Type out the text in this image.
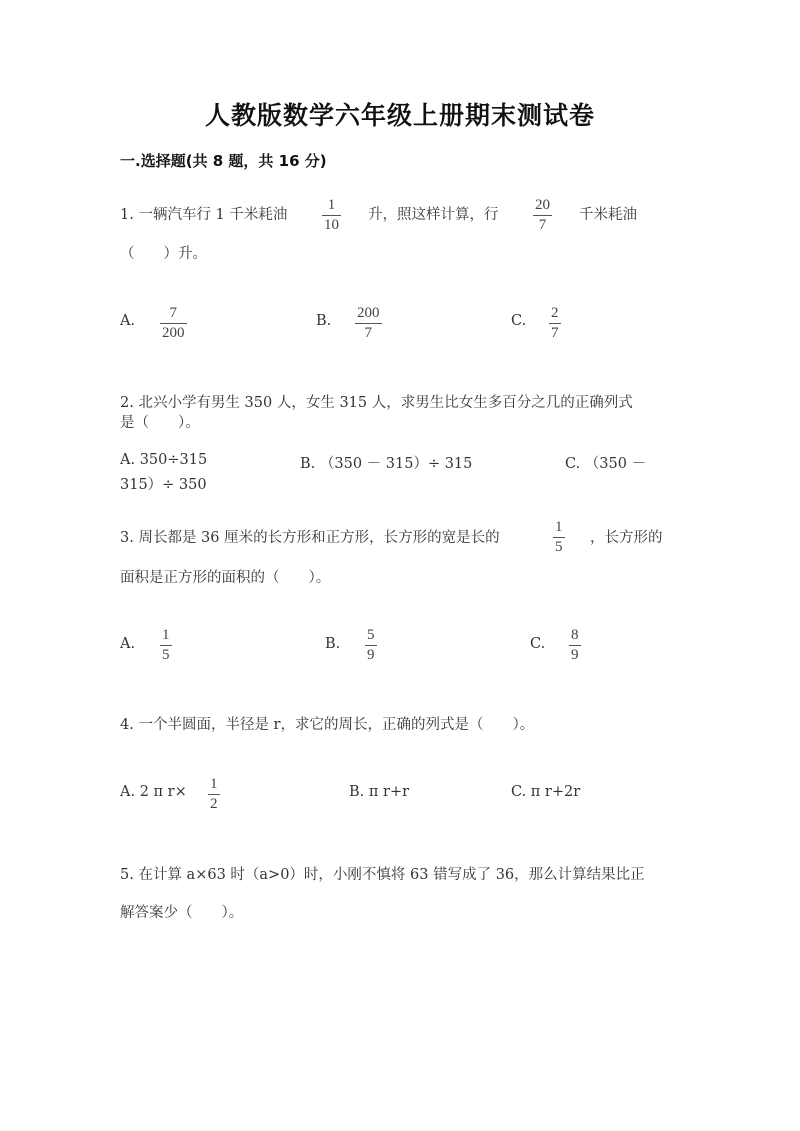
人教版数学六年级上册期末测试卷
一.选择题(共 8 题，共 16 分)
1. 一辆汽车行 1 千米耗油
1
10
升，照这样计算，行
20
7
千米耗油
（　　）升。
A. 7
200
B. 200
7
C. 2
7
2. 北兴小学有男生 350 人，女生 315 人，求男生比女生多百分之几的正确列式
是（　　）。
A. 350÷315	B. （350 － 315）÷ 315	C. （350 －
315）÷ 350
3. 周长都是 36 厘米的长方形和正方形，长方形的宽是长的
1
5
，长方形的
面积是正方形的面积的（　　）。
A.
1
5
B.
5
9
C.
8
9
4. 一个半圆面，半径是 r，求它的周长，正确的列式是（　　）。
A. 2 π r× 1
2
B. π r+r	C. π r+2r
5. 在计算 a×63 时（a>0）时，小刚不慎将 63 错写成了 36，那么计算结果比正
解答案少（　　）。
